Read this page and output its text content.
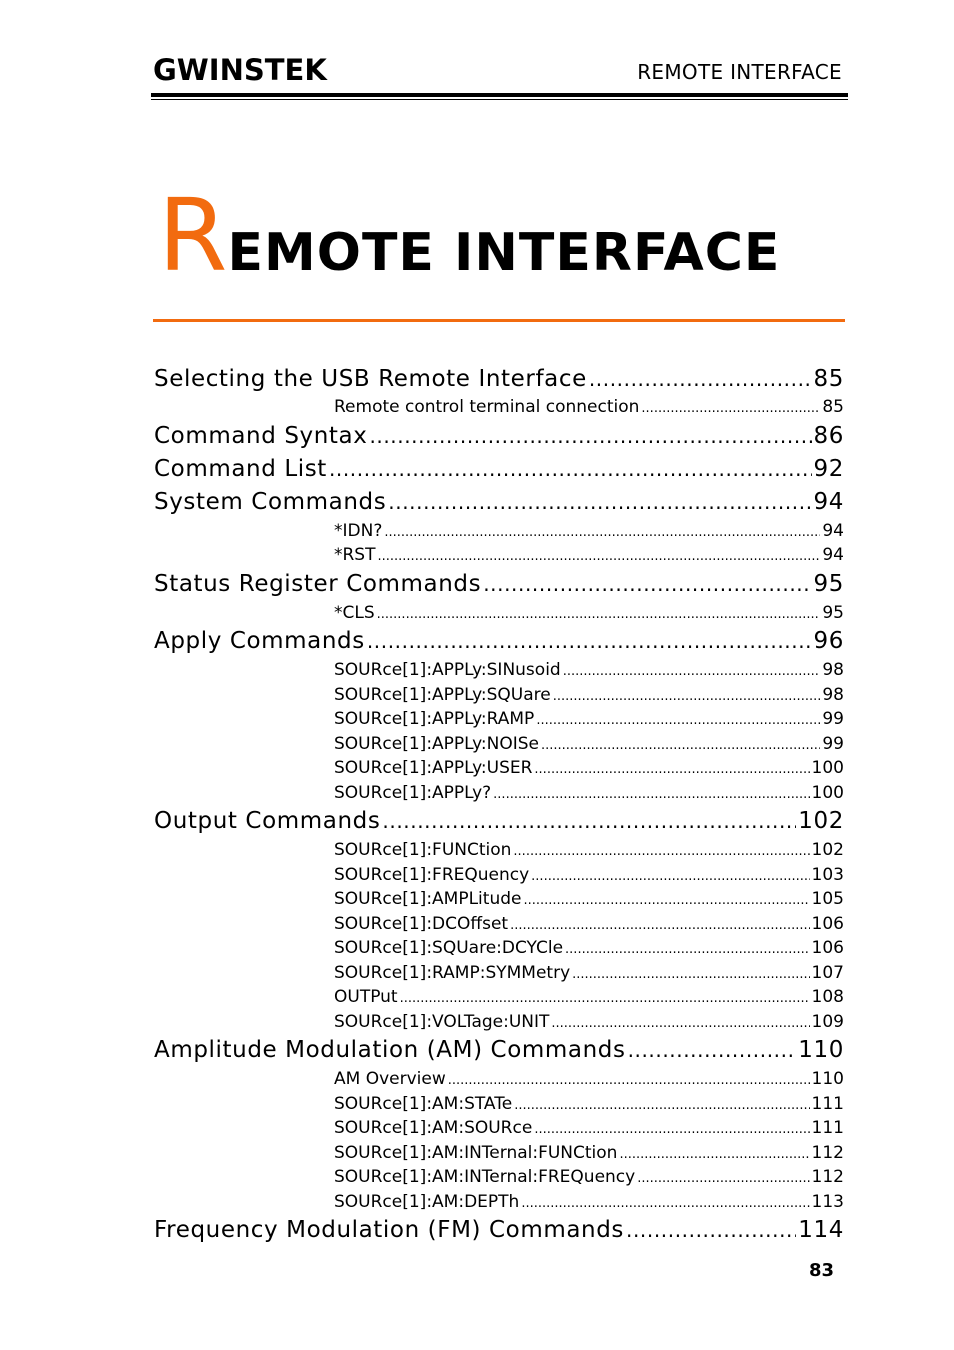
GWINSTEK	REMOTE INTERFACE
REMOTE INTERFACE
Selecting the USB Remote Interface .....	85
Remote control terminal connection .....	85
Command Syntax .....	86
Command List .....	92
System Commands .....	94
*IDN? .....	94
*RST .....	94
Status Register Commands .....	95
*CLS .....	95
Apply Commands .....	96
SOURce[1]:APPLy:SINusoid .....	98
SOURce[1]:APPLy:SQUare .....	98
SOURce[1]:APPLy:RAMP .....	99
SOURce[1]:APPLy:NOISe .....	99
SOURce[1]:APPLy:USER .....	100
SOURce[1]:APPLy? .....	100
Output Commands .....	102
SOURce[1]:FUNCtion .....	102
SOURce[1]:FREQuency .....	103
SOURce[1]:AMPLitude .....	105
SOURce[1]:DCOffset .....	106
SOURce[1]:SQUare:DCYCle .....	106
SOURce[1]:RAMP:SYMMetry .....	107
OUTPut .....	108
SOURce[1]:VOLTage:UNIT .....	109
Amplitude Modulation (AM) Commands .....	110
AM Overview .....	110
SOURce[1]:AM:STATe .....	111
SOURce[1]:AM:SOURce .....	111
SOURce[1]:AM:INTernal:FUNCtion .....	112
SOURce[1]:AM:INTernal:FREQuency .....	112
SOURce[1]:AM:DEPTh .....	113
Frequency Modulation (FM) Commands .....	114
83
